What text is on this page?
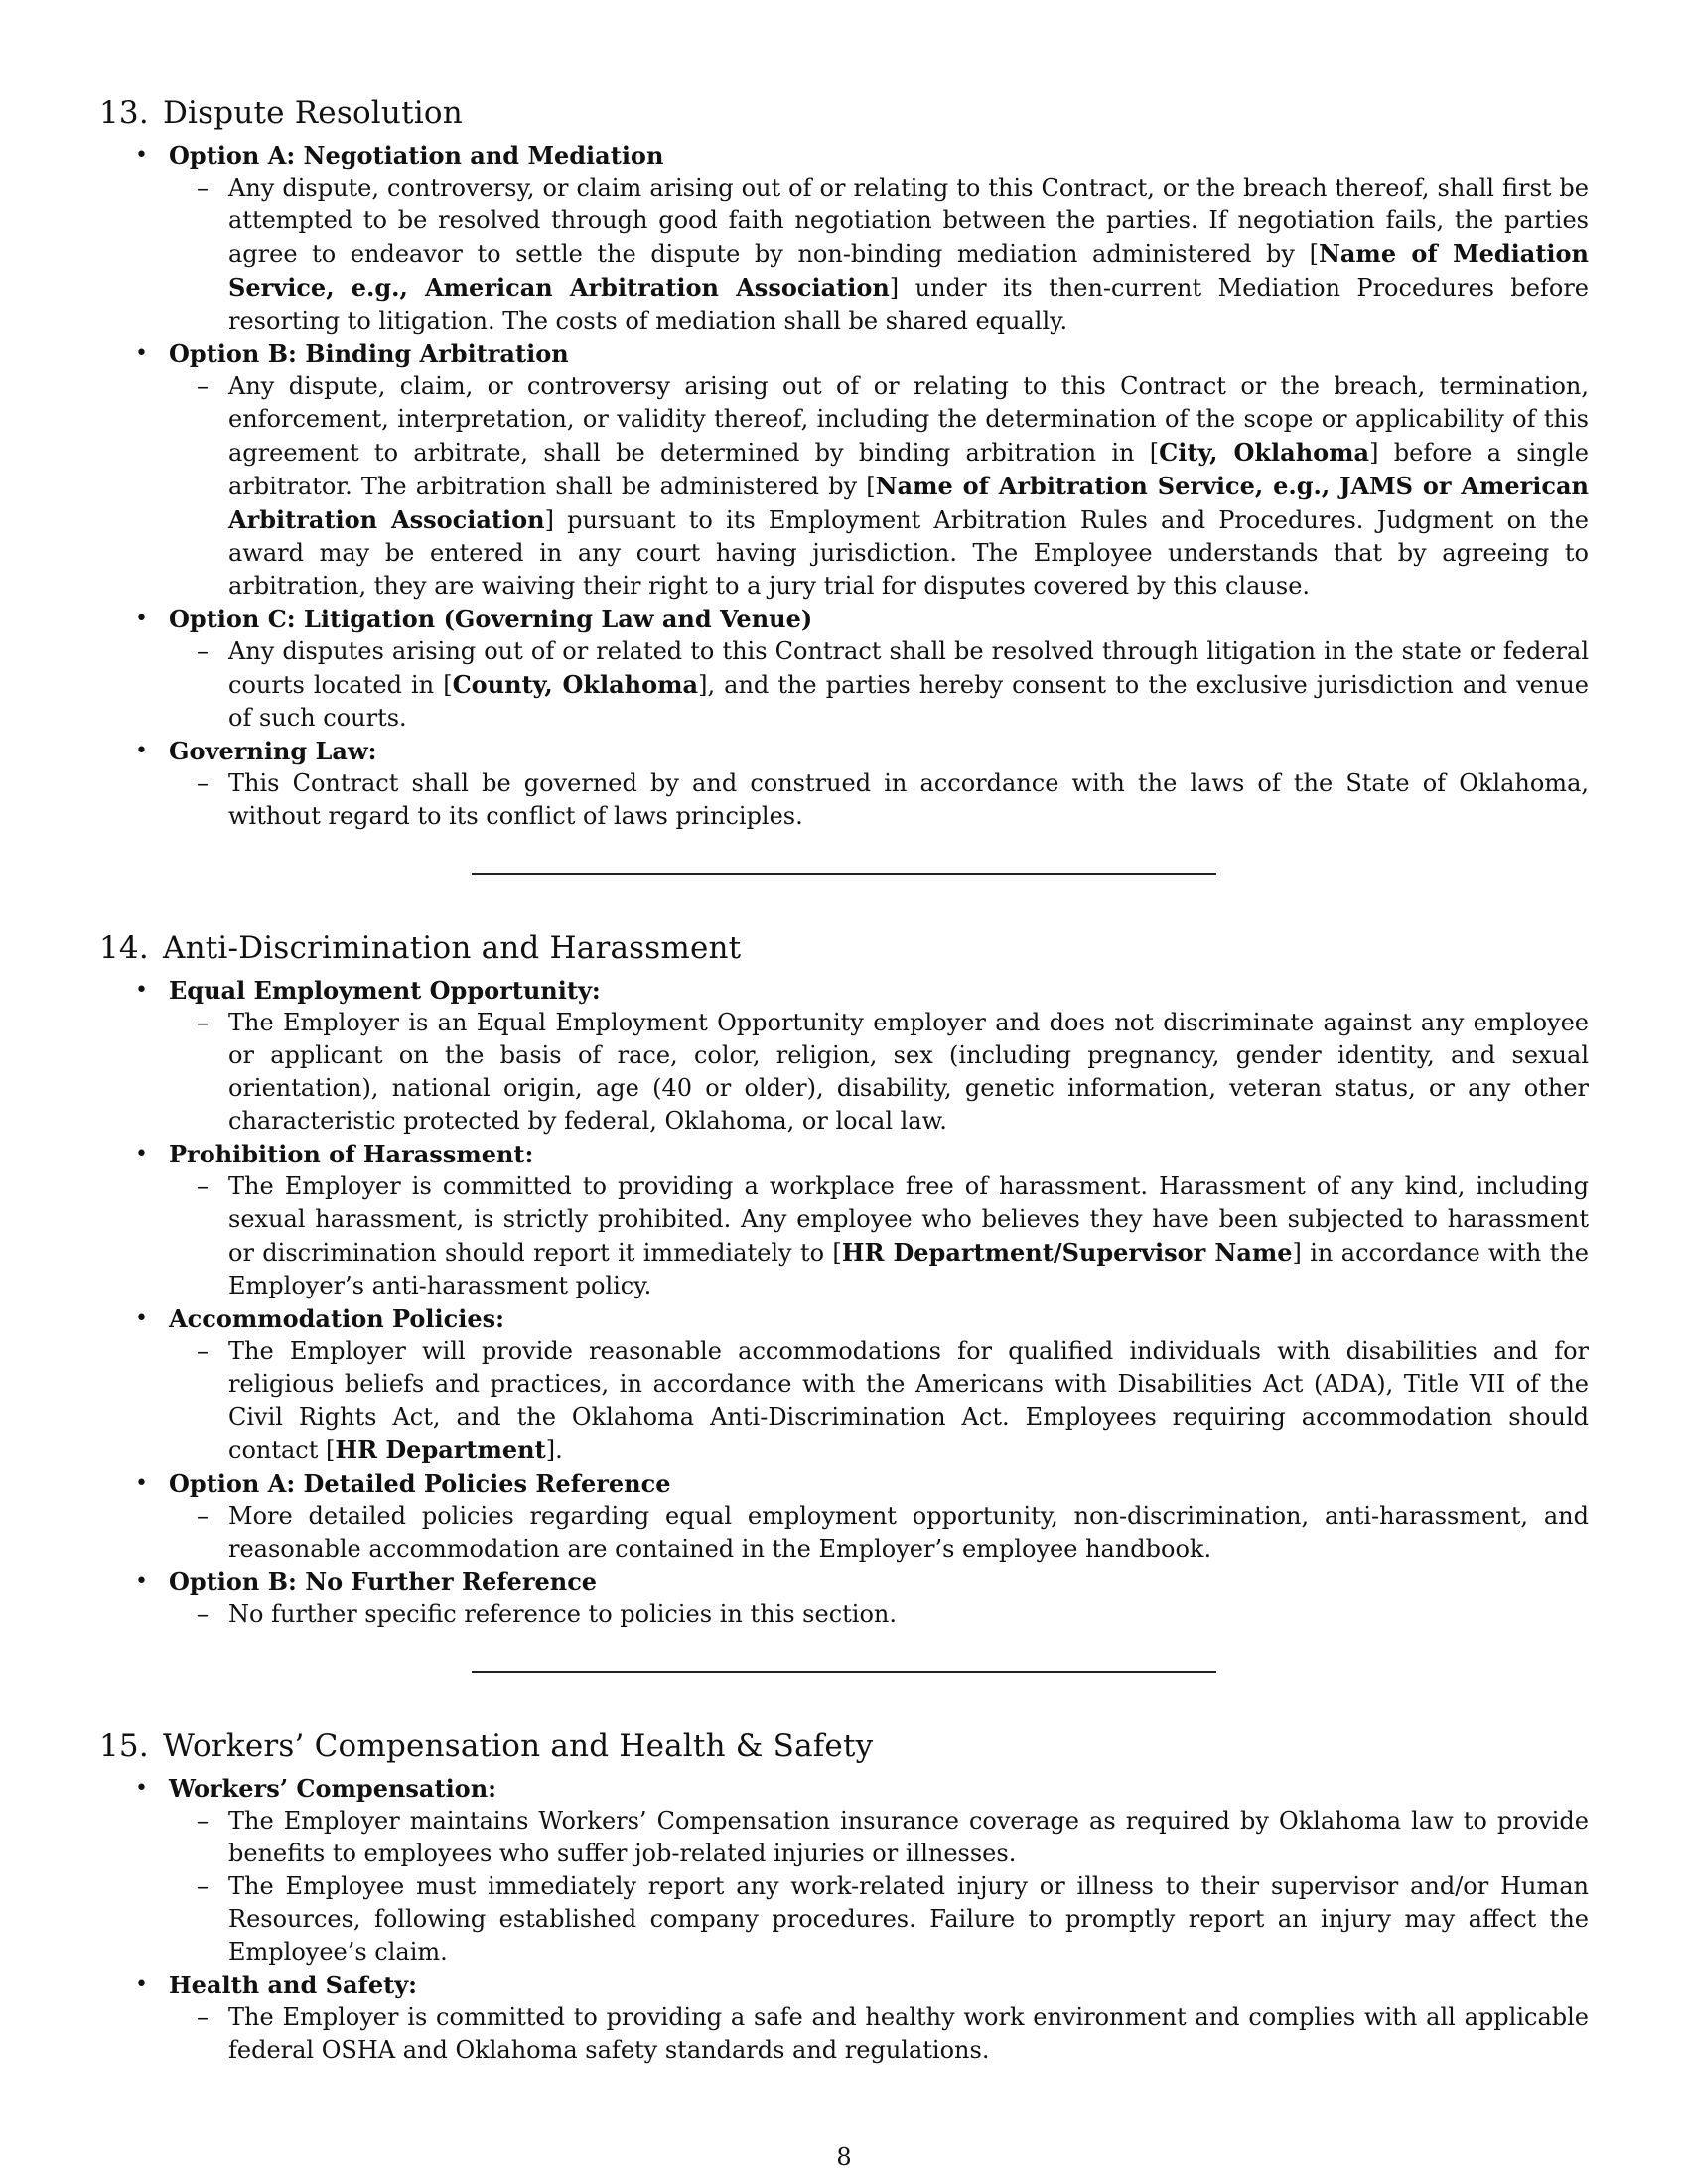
13. Dispute Resolution
• Option A: Negotiation and Mediation
– Any dispute, controversy, or claim arising out of or relating to this Contract, or the breach thereof, shall first be attempted to be resolved through good faith negotiation between the parties. If negotiation fails, the parties agree to endeavor to settle the dispute by non-binding mediation administered by [Name of Mediation Service, e.g., American Arbitration Association] under its then-current Mediation Procedures before resorting to litigation. The costs of mediation shall be shared equally.
• Option B: Binding Arbitration
– Any dispute, claim, or controversy arising out of or relating to this Contract or the breach, termination, enforcement, interpretation, or validity thereof, including the determination of the scope or applicability of this agreement to arbitrate, shall be determined by binding arbitration in [City, Oklahoma] before a single arbitrator. The arbitration shall be administered by [Name of Arbitration Service, e.g., JAMS or American Arbitration Association] pursuant to its Employment Arbitration Rules and Procedures. Judgment on the award may be entered in any court having jurisdiction. The Employee understands that by agreeing to arbitration, they are waiving their right to a jury trial for disputes covered by this clause.
• Option C: Litigation (Governing Law and Venue)
– Any disputes arising out of or related to this Contract shall be resolved through litigation in the state or federal courts located in [County, Oklahoma], and the parties hereby consent to the exclusive jurisdiction and venue of such courts.
• Governing Law:
– This Contract shall be governed by and construed in accordance with the laws of the State of Oklahoma, without regard to its conflict of laws principles.
14. Anti-Discrimination and Harassment
• Equal Employment Opportunity:
– The Employer is an Equal Employment Opportunity employer and does not discriminate against any employee or applicant on the basis of race, color, religion, sex (including pregnancy, gender identity, and sexual orientation), national origin, age (40 or older), disability, genetic information, veteran status, or any other characteristic protected by federal, Oklahoma, or local law.
• Prohibition of Harassment:
– The Employer is committed to providing a workplace free of harassment. Harassment of any kind, including sexual harassment, is strictly prohibited. Any employee who believes they have been subjected to harassment or discrimination should report it immediately to [HR Department/Supervisor Name] in accordance with the Employer’s anti-harassment policy.
• Accommodation Policies:
– The Employer will provide reasonable accommodations for qualified individuals with disabilities and for religious beliefs and practices, in accordance with the Americans with Disabilities Act (ADA), Title VII of the Civil Rights Act, and the Oklahoma Anti-Discrimination Act. Employees requiring accommodation should contact [HR Department].
• Option A: Detailed Policies Reference
– More detailed policies regarding equal employment opportunity, non-discrimination, anti-harassment, and reasonable accommodation are contained in the Employer’s employee handbook.
• Option B: No Further Reference
– No further specific reference to policies in this section.
15. Workers’ Compensation and Health & Safety
• Workers’ Compensation:
– The Employer maintains Workers’ Compensation insurance coverage as required by Oklahoma law to provide benefits to employees who suffer job-related injuries or illnesses.
– The Employee must immediately report any work-related injury or illness to their supervisor and/or Human Resources, following established company procedures. Failure to promptly report an injury may affect the Employee’s claim.
• Health and Safety:
– The Employer is committed to providing a safe and healthy work environment and complies with all applicable federal OSHA and Oklahoma safety standards and regulations.
8
